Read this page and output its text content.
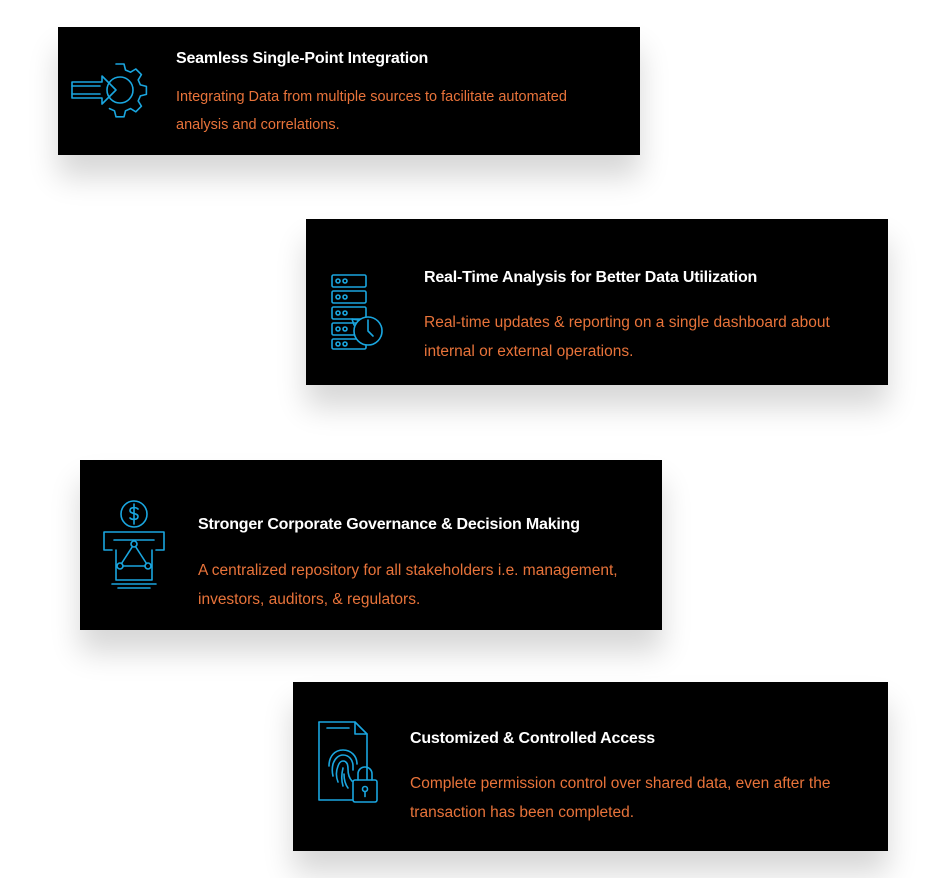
Seamless Single-Point Integration

Integrating Data from multiple sources to facilitate automated analysis and correlations.

Real-Time Analysis for Better Data Utilization

Real-time updates & reporting on a single dashboard about internal or external operations.

Stronger Corporate Governance & Decision Making

A centralized repository for all stakeholders i.e. management, investors, auditors, & regulators.

Customized & Controlled Access

Complete permission control over shared data, even after the transaction has been completed.
